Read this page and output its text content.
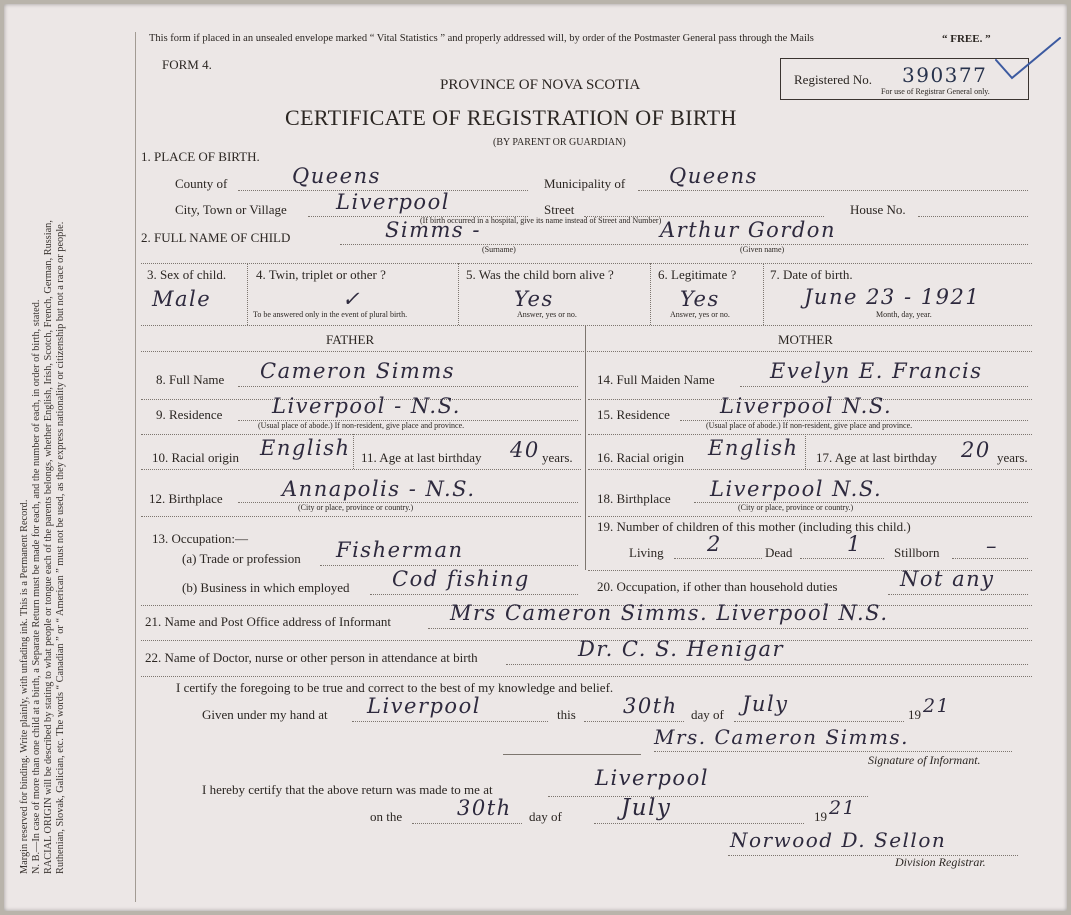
Margin reserved for binding. Write plainly, with unfading ink. This is a Permanent Record. N. B.—In case of more than one child at a birth, a Separate Return must be made for each, and the number of each, in order of birth, stated. RACIAL ORIGIN will be described by stating to what people or tongue each of the parents belongs, whether English, Irish, Scotch, French, German, Russian, Ruthenian, Slovak, Galician, etc. The words “ Canadian ” or “ American ” must not be used, as they express nationality or citizenship but not a race or people.
This form if placed in an unsealed envelope marked “ Vital Statistics ” and properly addressed will, by order of the Postmaster General pass through the Mails	“ FREE. ”
FORM 4.
PROVINCE OF NOVA SCOTIA
CERTIFICATE OF REGISTRATION OF BIRTH
(BY PARENT OR GUARDIAN)
Registered No. 390377
For use of Registrar General only.
1. PLACE OF BIRTH.
County of	Queens	Municipality of Queens
City, Town or Village Liverpool	Street	House No.
(If birth occurred in a hospital, give its name instead of Street and Number)
2. FULL NAME OF CHILD	Simms -	Arthur Gordon
(Surname)	(Given name)
3. Sex of child.
Male
4. Twin, triplet or other ?
✓
To be answered only in the event of plural birth.
5. Was the child born alive ?
Yes
Answer, yes or no.
6. Legitimate ?
Yes
Answer, yes or no.
7. Date of birth.
June 23 - 1921
Month, day, year.
FATHER	MOTHER
8. Full Name Cameron Simms
9. Residence Liverpool - N.S.
(Usual place of abode.) If non-resident, give place and province.
10. Racial origin English 11. Age at last birthday 40 years.
12. Birthplace	Annapolis - N.S.
(City or place, province or country.)
13. Occupation:—
(a) Trade or profession Fisherman
(b) Business in which employed Cod fishing
14. Full Maiden Name	Evelyn E. Francis
15. Residence Liverpool N.S.
(Usual place of abode.) If non-resident, give place and province.
16. Racial origin English 17. Age at last birthday 20 years.
18. Birthplace Liverpool N.S.
(City or place, province or country.)
19. Number of children of this mother (including this child.)
Living 2	Dead	1 Stillborn –
20. Occupation, if other than household duties	Not any
21. Name and Post Office address of Informant	Mrs Cameron Simms. Liverpool N.S.
22. Name of Doctor, nurse or other person in attendance at birth	Dr. C. S. Henigar
I certify the foregoing to be true and correct to the best of my knowledge and belief.
Given under my hand at Liverpool	this 30th day of July	19 21
Mrs. Cameron Simms.
Signature of Informant.
I hereby certify that the above return was made to me at	Liverpool
on the	30th day of	July	19 21
Norwood D. Sellon
Division Registrar.
